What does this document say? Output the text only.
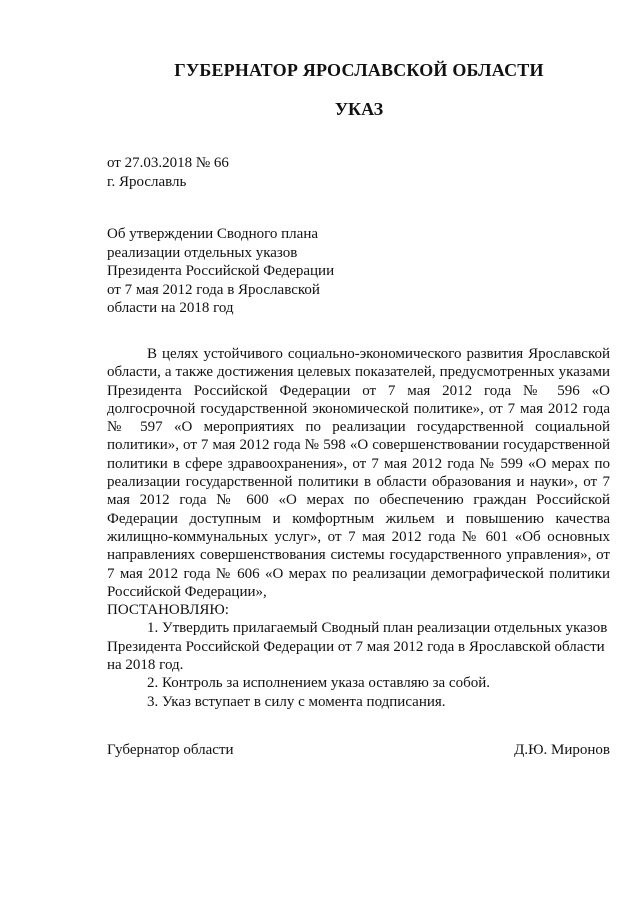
ГУБЕРНАТОР ЯРОСЛАВСКОЙ ОБЛАСТИ
УКАЗ
от 27.03.2018 № 66
г. Ярославль
Об утверждении Сводного плана
реализации отдельных указов
Президента Российской Федерации
от 7 мая 2012 года в Ярославской
области на 2018 год

В целях устойчивого социально-экономического развития Ярославской области, а также достижения целевых показателей, предусмотренных указами Президента Российской Федерации от 7 мая 2012 года № 596 «О долгосрочной государственной экономической политике», от 7 мая 2012 года № 597 «О мероприятиях по реализации государственной социальной политики», от 7 мая 2012 года № 598 «О совершенствовании государственной политики в сфере здравоохранения», от 7 мая 2012 года № 599 «О мерах по реализации государственной политики в области образования и науки», от 7 мая 2012 года № 600 «О мерах по обеспечению граждан Российской Федерации доступным и комфортным жильем и повышению качества жилищно-коммунальных услуг», от 7 мая 2012 года № 601 «Об основных направлениях совершенствования системы государственного управления», от 7 мая 2012 года № 606 «О мерах по реализации демографической политики Российской Федерации»,

ПОСТАНОВЛЯЮ:

1. Утвердить прилагаемый Сводный план реализации отдельных указов Президента Российской Федерации от 7 мая 2012 года в Ярославской области на 2018 год.

2. Контроль за исполнением указа оставляю за собой.

3. Указ вступает в силу с момента подписания.

Губернатор области	Д.Ю. Миронов
